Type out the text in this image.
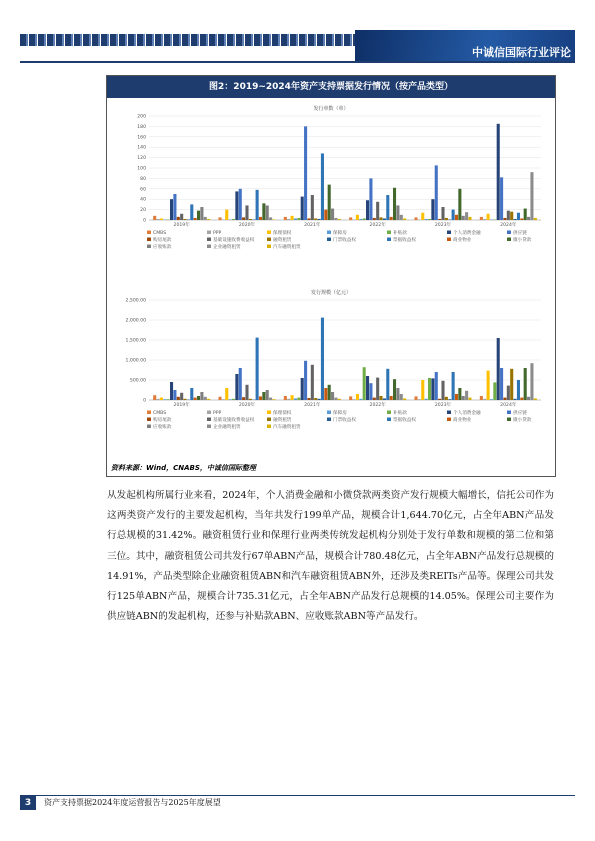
中诚信国际行业评论
图2：2019~2024年资产支持票据发行情况（按产品类型）
发行单数（单）
0
20
40
60
80
100
120
140
160
180
200
2019年	2020年	2021年	2022年	2023年	2024年
CMBS	PPP	保理债权	保障房	补贴款	个人消费金融	供应链
购房尾款	基础设施收费收益权	融资租赁	门票收益权	票据收益权	商业物业	微小贷款
应收账款	企业融资租赁	汽车融资租赁
发行规模（亿元）
0
500.00
1,000.00
1,500.00
2,000.00
2,500.00
2019年	2020年	2021年	2022年	2023年	2024年
CMBS	PPP	保理债权	保障房	补贴款	个人消费金融	供应链
购房尾款	基础设施收费收益权	融资租赁	门票收益权	票据收益权	商业物业	微小贷款
应收账款	企业融资租赁	汽车融资租赁
资料来源：Wind，CNABS，中诚信国际整理

从发起机构所属行业来看，2024年，个人消费金融和小微贷款两类资产发行规模大幅增长，信托公司作为这两类资产发行的主要发起机构，当年共发行199单产品，规模合计1,644.70亿元，占全年ABN产品发行总规模的31.42%。融资租赁行业和保理行业两类传统发起机构分别处于发行单数和规模的第二位和第三位。其中，融资租赁公司共发行67单ABN产品，规模合计780.48亿元，占全年ABN产品发行总规模的14.91%，产品类型除企业融资租赁ABN和汽车融资租赁ABN外，还涉及类REITs产品等。保理公司共发行125单ABN产品，规模合计735.31亿元，占全年ABN产品发行总规模的14.05%。保理公司主要作为供应链ABN的发起机构，还参与补贴款ABN、应收账款ABN等产品发行。

3	资产支持票据2024年度运营报告与2025年度展望
